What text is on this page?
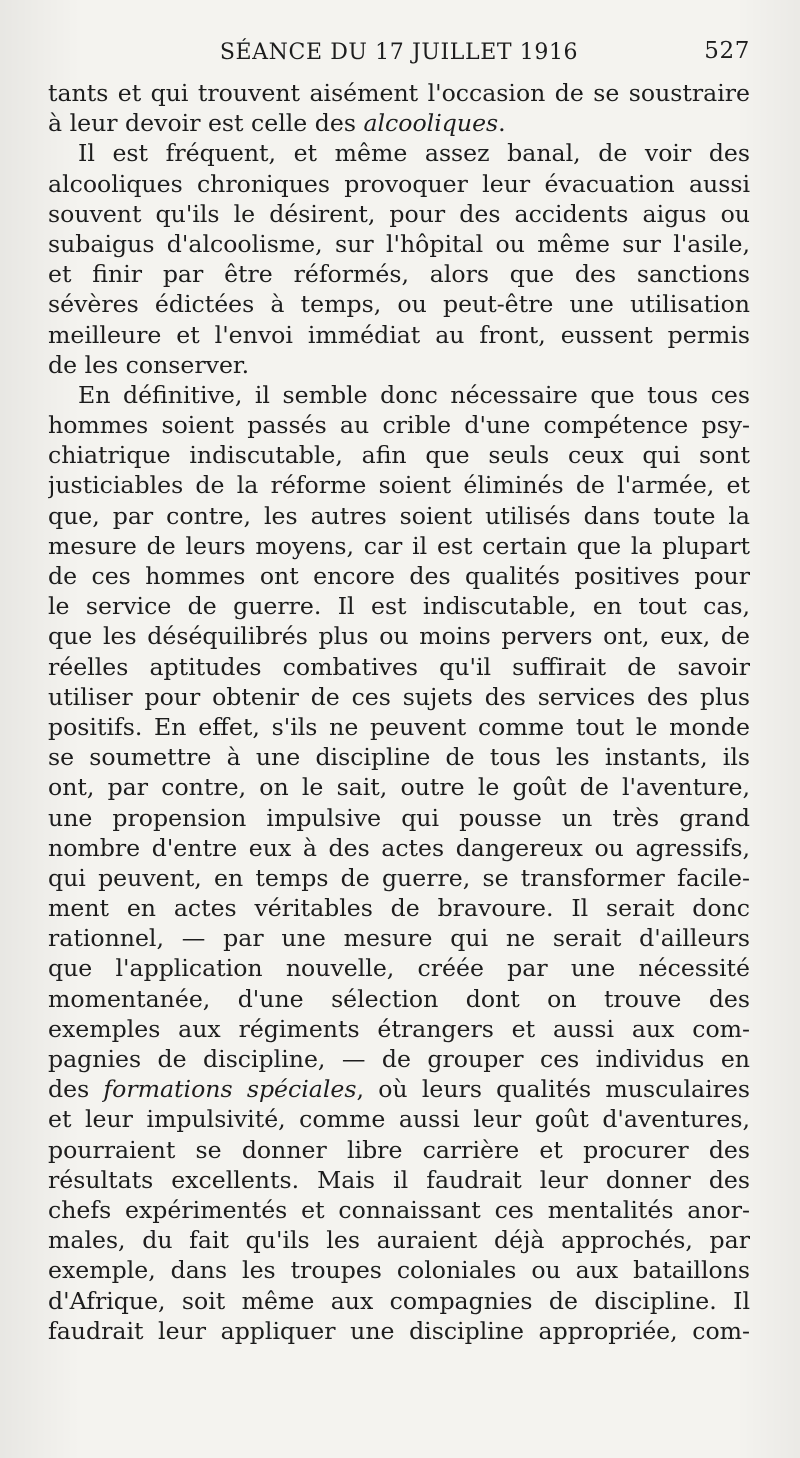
SÉANCE DU 17 JUILLET 1916	527
tants et qui trouvent aisément l'occasion de se soustraire
à leur devoir est celle des alcooliques.
Il est fréquent, et même assez banal, de voir des
alcooliques chroniques provoquer leur évacuation aussi
souvent qu'ils le désirent, pour des accidents aigus ou
subaigus d'alcoolisme, sur l'hôpital ou même sur l'asile,
et finir par être réformés, alors que des sanctions
sévères édictées à temps, ou peut-être une utilisation
meilleure et l'envoi immédiat au front, eussent permis
de les conserver.
En définitive, il semble donc nécessaire que tous ces
hommes soient passés au crible d'une compétence psy-
chiatrique indiscutable, afin que seuls ceux qui sont
justiciables de la réforme soient éliminés de l'armée, et
que, par contre, les autres soient utilisés dans toute la
mesure de leurs moyens, car il est certain que la plupart
de ces hommes ont encore des qualités positives pour
le service de guerre. Il est indiscutable, en tout cas,
que les déséquilibrés plus ou moins pervers ont, eux, de
réelles aptitudes combatives qu'il suffirait de savoir
utiliser pour obtenir de ces sujets des services des plus
positifs. En effet, s'ils ne peuvent comme tout le monde
se soumettre à une discipline de tous les instants, ils
ont, par contre, on le sait, outre le goût de l'aventure,
une propension impulsive qui pousse un très grand
nombre d'entre eux à des actes dangereux ou agressifs,
qui peuvent, en temps de guerre, se transformer facile-
ment en actes véritables de bravoure. Il serait donc
rationnel, — par une mesure qui ne serait d'ailleurs
que l'application nouvelle, créée par une nécessité
momentanée, d'une sélection dont on trouve des
exemples aux régiments étrangers et aussi aux com-
pagnies de discipline, — de grouper ces individus en
des formations spéciales, où leurs qualités musculaires
et leur impulsivité, comme aussi leur goût d'aventures,
pourraient se donner libre carrière et procurer des
résultats excellents. Mais il faudrait leur donner des
chefs expérimentés et connaissant ces mentalités anor-
males, du fait qu'ils les auraient déjà approchés, par
exemple, dans les troupes coloniales ou aux bataillons
d'Afrique, soit même aux compagnies de discipline. Il
faudrait leur appliquer une discipline appropriée, com-
